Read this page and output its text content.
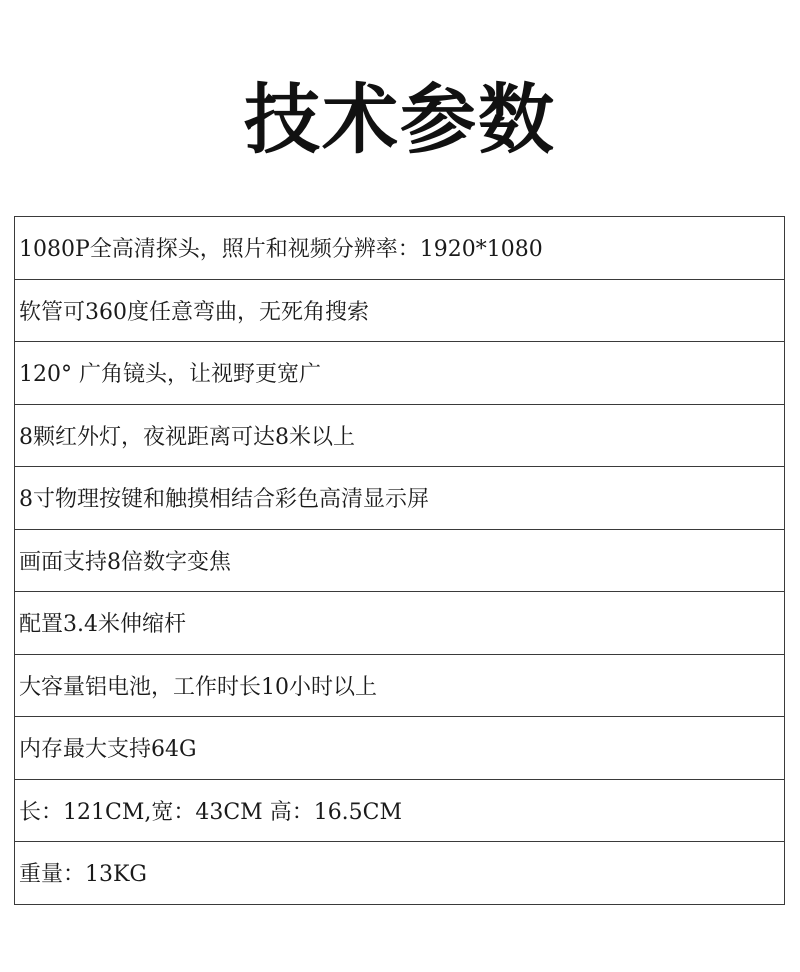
技术参数
1080P全高清探头，照片和视频分辨率：1920*1080
软管可360度任意弯曲，无死角搜索
120° 广角镜头，让视野更宽广
8颗红外灯，夜视距离可达8米以上
8寸物理按键和触摸相结合彩色高清显示屏
画面支持8倍数字变焦
配置3.4米伸缩杆
大容量铝电池，工作时长10小时以上
内存最大支持64G
长：121CM,宽：43CM 高：16.5CM
重量：13KG
